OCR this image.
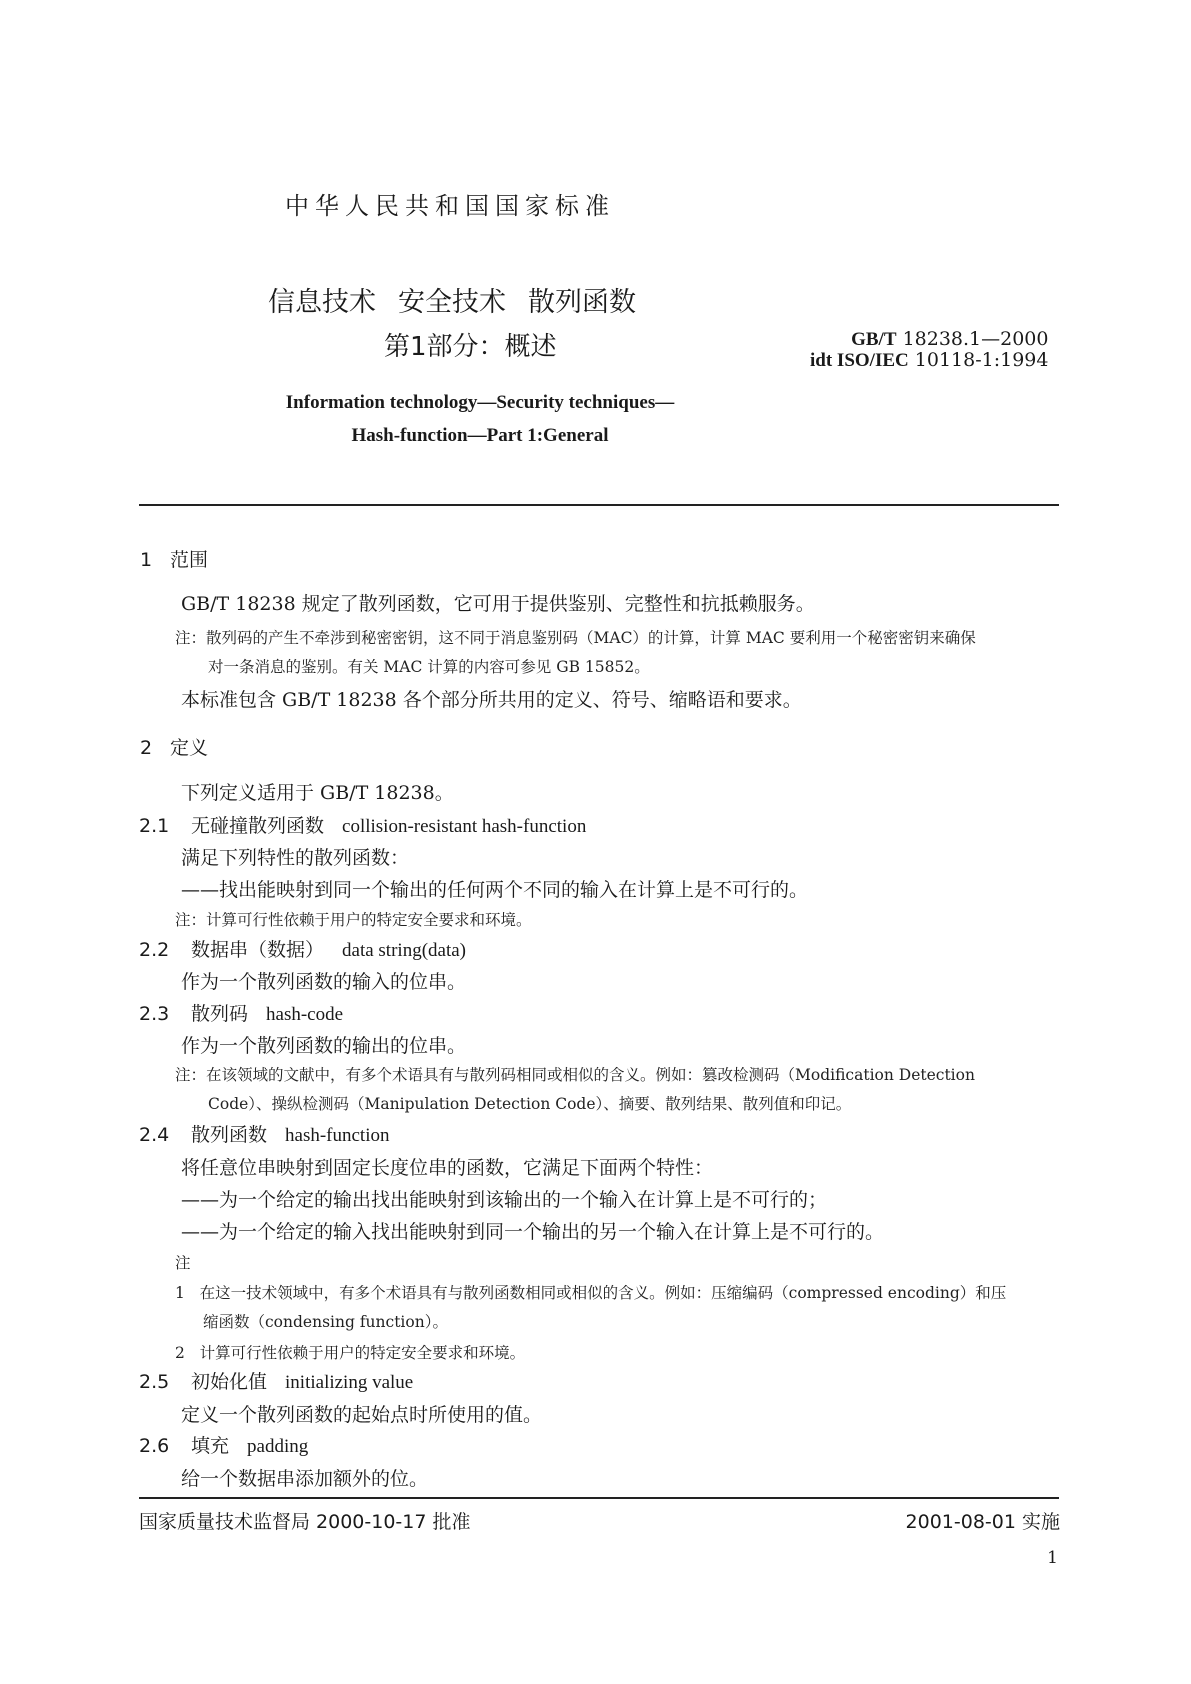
中华人民共和国国家标准
信息技术 安全技术 散列函数
第1部分：概述	GB/T 18238.1—2000
idt ISO/IEC 10118-1:1994
Information technology—Security techniques—
Hash-function—Part 1:General
1 范围
GB/T 18238 规定了散列函数，它可用于提供鉴别、完整性和抗抵赖服务。
注：散列码的产生不牵涉到秘密密钥，这不同于消息鉴别码（MAC）的计算，计算 MAC 要利用一个秘密密钥来确保
对一条消息的鉴别。有关 MAC 计算的内容可参见 GB 15852。
本标准包含 GB/T 18238 各个部分所共用的定义、符号、缩略语和要求。
2 定义
下列定义适用于 GB/T 18238。
2.1 无碰撞散列函数 collision-resistant hash-function
满足下列特性的散列函数：
——找出能映射到同一个输出的任何两个不同的输入在计算上是不可行的。
注：计算可行性依赖于用户的特定安全要求和环境。
2.2 数据串（数据） data string(data)
作为一个散列函数的输入的位串。
2.3 散列码 hash-code
作为一个散列函数的输出的位串。
注：在该领域的文献中，有多个术语具有与散列码相同或相似的含义。例如：篡改检测码（Modification Detection
Code）、操纵检测码（Manipulation Detection Code）、摘要、散列结果、散列值和印记。
2.4 散列函数 hash-function
将任意位串映射到固定长度位串的函数，它满足下面两个特性：
——为一个给定的输出找出能映射到该输出的一个输入在计算上是不可行的；
——为一个给定的输入找出能映射到同一个输出的另一个输入在计算上是不可行的。
注
1 在这一技术领域中，有多个术语具有与散列函数相同或相似的含义。例如：压缩编码（compressed encoding）和压
缩函数（condensing function）。
2 计算可行性依赖于用户的特定安全要求和环境。
2.5 初始化值 initializing value
定义一个散列函数的起始点时所使用的值。
2.6 填充 padding
给一个数据串添加额外的位。
国家质量技术监督局 2000-10-17 批准	2001-08-01 实施
1
